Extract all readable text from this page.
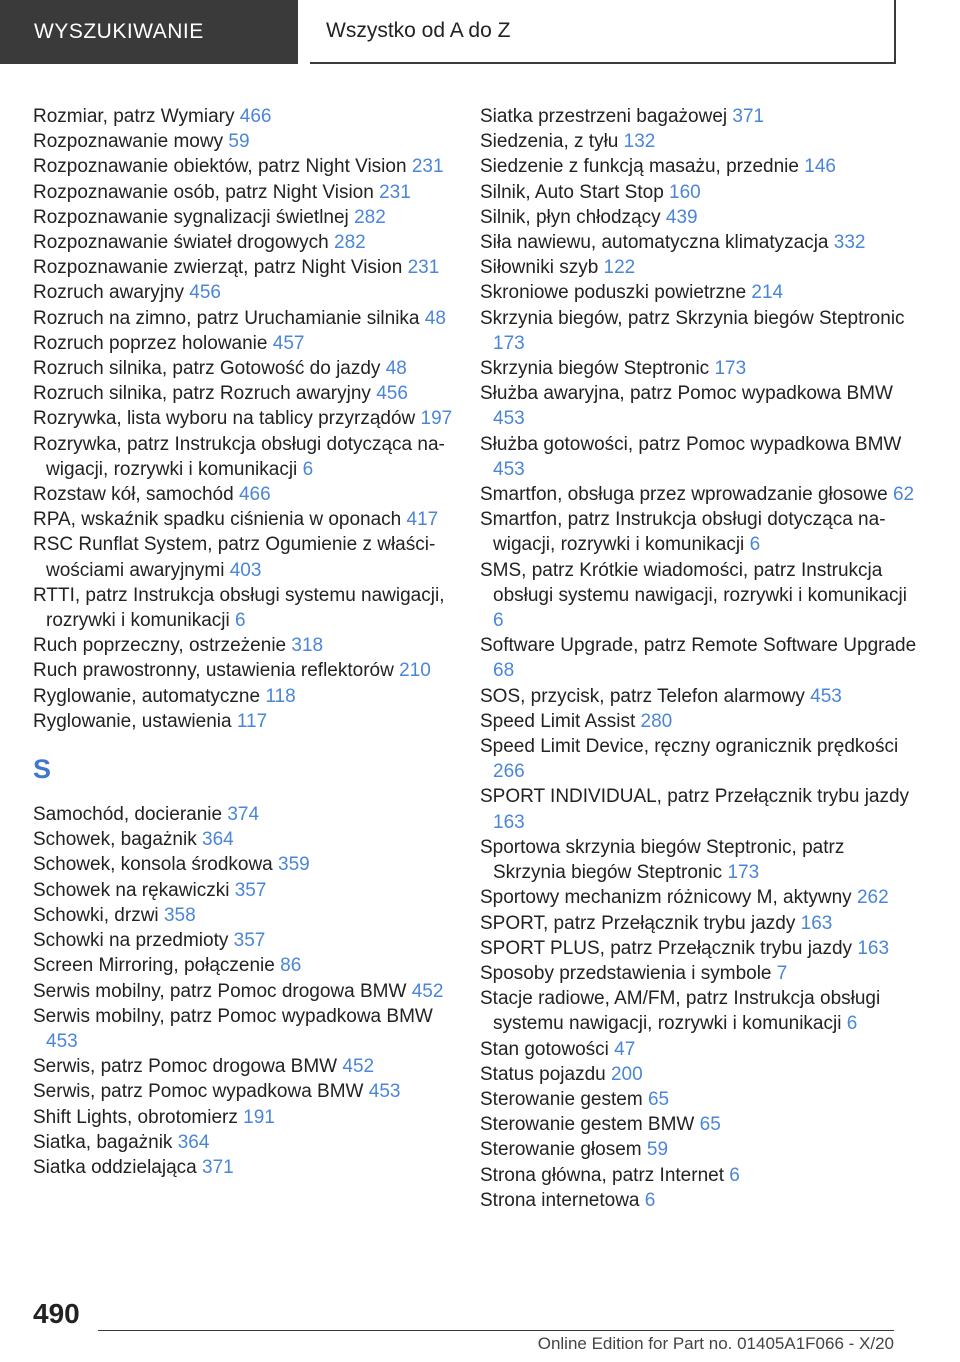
WYSZUKIWANIE	Wszystko od A do Z
Rozmiar, patrz Wymiary 466
Rozpoznawanie mowy 59
Rozpoznawanie obiektów, patrz Night Vision 231
Rozpoznawanie osób, patrz Night Vision 231
Rozpoznawanie sygnalizacji świetlnej 282
Rozpoznawanie świateł drogowych 282
Rozpoznawanie zwierząt, patrz Night Vision 231
Rozruch awaryjny 456
Rozruch na zimno, patrz Uruchamianie silnika 48
Rozruch poprzez holowanie 457
Rozruch silnika, patrz Gotowość do jazdy 48
Rozruch silnika, patrz Rozruch awaryjny 456
Rozrywka, lista wyboru na tablicy przyrządów 197
Rozrywka, patrz Instrukcja obsługi dotycząca nawigacji, rozrywki i komunikacji 6
Rozstaw kół, samochód 466
RPA, wskaźnik spadku ciśnienia w oponach 417
RSC Runflat System, patrz Ogumienie z właściwościami awaryjnymi 403
RTTI, patrz Instrukcja obsługi systemu nawigacji, rozrywki i komunikacji 6
Ruch poprzeczny, ostrzeżenie 318
Ruch prawostronny, ustawienia reflektorów 210
Ryglowanie, automatyczne 118
Ryglowanie, ustawienia 117
S
Samochód, docieranie 374
Schowek, bagażnik 364
Schowek, konsola środkowa 359
Schowek na rękawiczki 357
Schowki, drzwi 358
Schowki na przedmioty 357
Screen Mirroring, połączenie 86
Serwis mobilny, patrz Pomoc drogowa BMW 452
Serwis mobilny, patrz Pomoc wypadkowa BMW 453
Serwis, patrz Pomoc drogowa BMW 452
Serwis, patrz Pomoc wypadkowa BMW 453
Shift Lights, obrotomierz 191
Siatka, bagażnik 364
Siatka oddzielająca 371
Siatka przestrzeni bagażowej 371
Siedzenia, z tyłu 132
Siedzenie z funkcją masażu, przednie 146
Silnik, Auto Start Stop 160
Silnik, płyn chłodzący 439
Siła nawiewu, automatyczna klimatyzacja 332
Siłowniki szyb 122
Skroniowe poduszki powietrzne 214
Skrzynia biegów, patrz Skrzynia biegów Steptronic 173
Skrzynia biegów Steptronic 173
Służba awaryjna, patrz Pomoc wypadkowa BMW 453
Służba gotowości, patrz Pomoc wypadkowa BMW 453
Smartfon, obsługa przez wprowadzanie głosowe 62
Smartfon, patrz Instrukcja obsługi dotycząca nawigacji, rozrywki i komunikacji 6
SMS, patrz Krótkie wiadomości, patrz Instrukcja obsługi systemu nawigacji, rozrywki i komunikacji 6
Software Upgrade, patrz Remote Software Upgrade 68
SOS, przycisk, patrz Telefon alarmowy 453
Speed Limit Assist 280
Speed Limit Device, ręczny ogranicznik prędkości 266
SPORT INDIVIDUAL, patrz Przełącznik trybu jazdy 163
Sportowa skrzynia biegów Steptronic, patrz Skrzynia biegów Steptronic 173
Sportowy mechanizm różnicowy M, aktywny 262
SPORT, patrz Przełącznik trybu jazdy 163
SPORT PLUS, patrz Przełącznik trybu jazdy 163
Sposoby przedstawienia i symbole 7
Stacje radiowe, AM/FM, patrz Instrukcja obsługi systemu nawigacji, rozrywki i komunikacji 6
Stan gotowości 47
Status pojazdu 200
Sterowanie gestem 65
Sterowanie gestem BMW 65
Sterowanie głosem 59
Strona główna, patrz Internet 6
Strona internetowa 6
490
Online Edition for Part no. 01405A1F066 - X/20
